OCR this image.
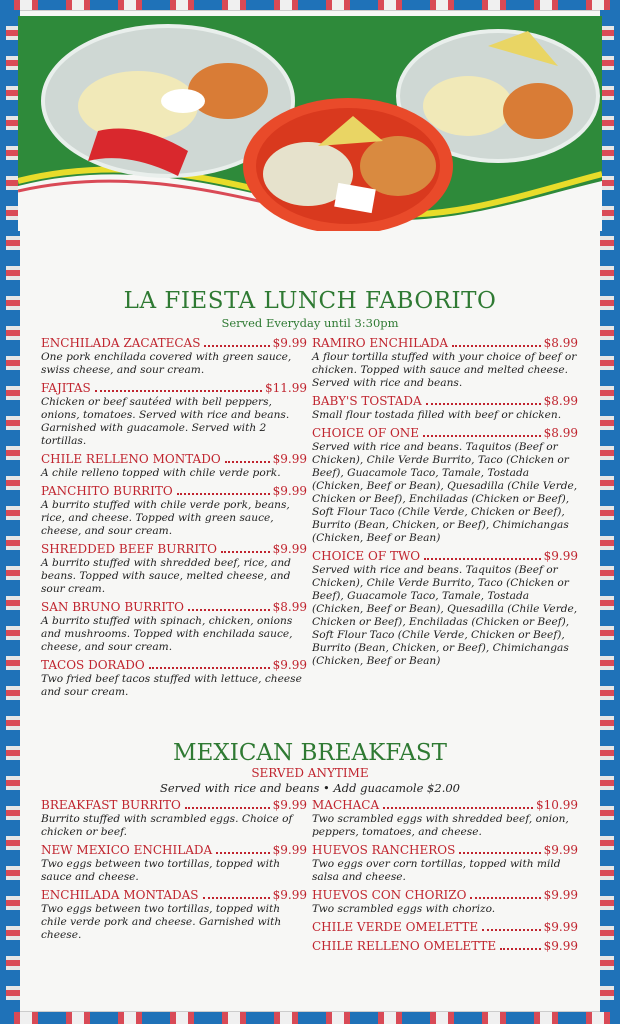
LA FIESTA LUNCH FABORITO
Served Everyday until 3:30pm
ENCHILADA ZACATECAS	$9.99
One pork enchilada covered with green sauce, swiss cheese, and sour cream.
FAJITAS	$11.99
Chicken or beef sautéed with bell peppers, onions, tomatoes. Served with rice and beans. Garnished with guacamole. Served with 2 tortillas.
CHILE RELLENO MONTADO	$9.99
A chile relleno topped with chile verde pork.
PANCHITO BURRITO	$9.99
A burrito stuffed with chile verde pork, beans, rice, and cheese. Topped with green sauce, cheese, and sour cream.
SHREDDED BEEF BURRITO	$9.99
A burrito stuffed with shredded beef, rice, and beans. Topped with sauce, melted cheese, and sour cream.
SAN BRUNO BURRITO	$8.99
A burrito stuffed with spinach, chicken, onions and mushrooms. Topped with enchilada sauce, cheese, and sour cream.
TACOS DORADO	$9.99
Two fried beef tacos stuffed with lettuce, cheese and sour cream.
RAMIRO ENCHILADA	$8.99
A flour tortilla stuffed with your choice of beef or chicken. Topped with sauce and melted cheese. Served with rice and beans.
BABY'S TOSTADA	$8.99
Small flour tostada filled with beef or chicken.
CHOICE OF ONE	$8.99
Served with rice and beans. Taquitos (Beef or Chicken), Chile Verde Burrito, Taco (Chicken or Beef), Guacamole Taco, Tamale, Tostada (Chicken, Beef or Bean), Quesadilla (Chile Verde, Chicken or Beef), Enchiladas (Chicken or Beef), Soft Flour Taco (Chile Verde, Chicken or Beef), Burrito (Bean, Chicken, or Beef), Chimichangas (Chicken, Beef or Bean)
CHOICE OF TWO	$9.99
Served with rice and beans. Taquitos (Beef or Chicken), Chile Verde Burrito, Taco (Chicken or Beef), Guacamole Taco, Tamale, Tostada (Chicken, Beef or Bean), Quesadilla (Chile Verde, Chicken or Beef), Enchiladas (Chicken or Beef), Soft Flour Taco (Chile Verde, Chicken or Beef), Burrito (Bean, Chicken, or Beef), Chimichangas (Chicken, Beef or Bean)
MEXICAN BREAKFAST
SERVED ANYTIME
Served with rice and beans • Add guacamole $2.00
BREAKFAST BURRITO	$9.99
Burrito stuffed with scrambled eggs. Choice of chicken or beef.
NEW MEXICO ENCHILADA	$9.99
Two eggs between two tortillas, topped with sauce and cheese.
ENCHILADA MONTADAS	$9.99
Two eggs between two tortillas, topped with chile verde pork and cheese. Garnished with cheese.
MACHACA	$10.99
Two scrambled eggs with shredded beef, onion, peppers, tomatoes, and cheese.
HUEVOS RANCHEROS	$9.99
Two eggs over corn tortillas, topped with mild salsa and cheese.
HUEVOS CON CHORIZO	$9.99
Two scrambled eggs with chorizo.
CHILE VERDE OMELETTE	$9.99
CHILE RELLENO OMELETTE	$9.99
